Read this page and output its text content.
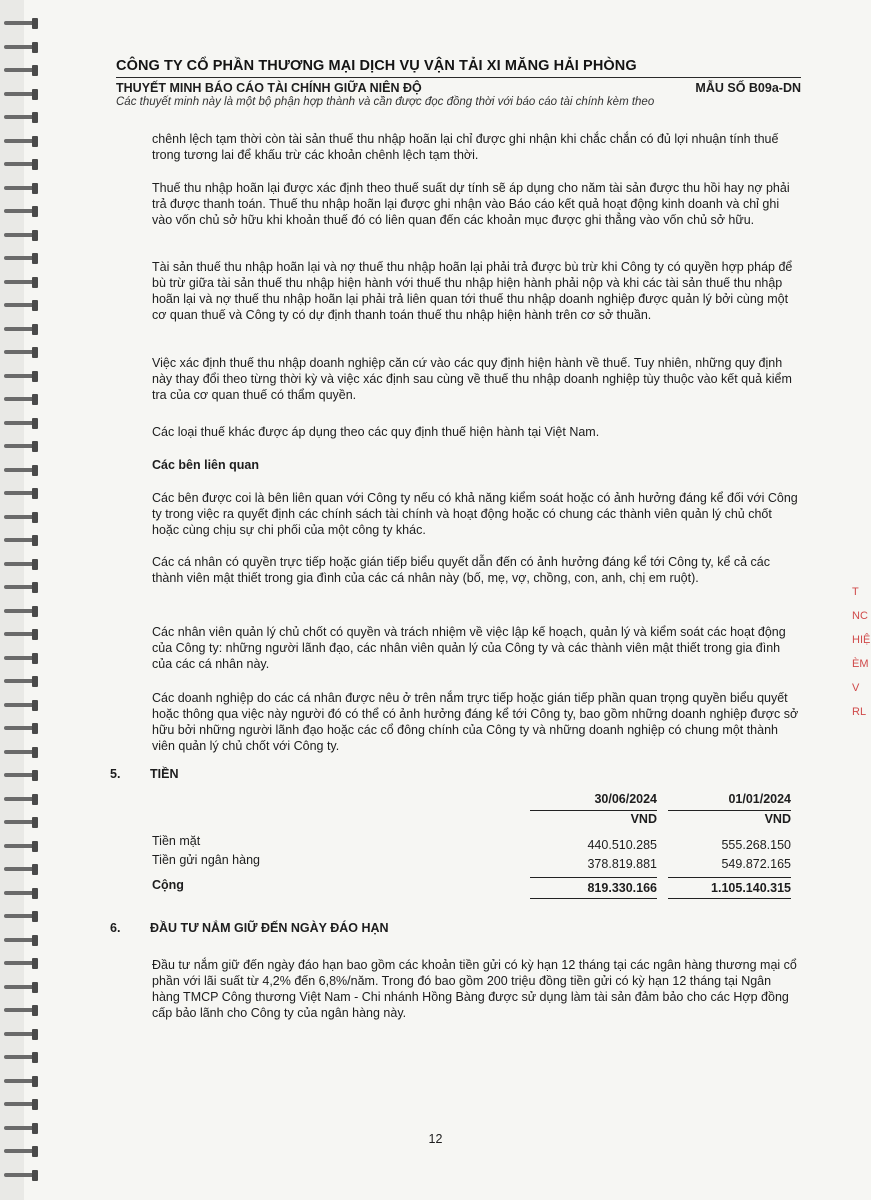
CÔNG TY CỔ PHẦN THƯƠNG MẠI DỊCH VỤ VẬN TẢI XI MĂNG HẢI PHÒNG
THUYẾT MINH BÁO CÁO TÀI CHÍNH GIỮA NIÊN ĐỘ	MẪU SỐ B09a-DN
Các thuyết minh này là một bộ phận hợp thành và cần được đọc đồng thời với báo cáo tài chính kèm theo

chênh lệch tạm thời còn tài sản thuế thu nhập hoãn lại chỉ được ghi nhận khi chắc chắn có đủ lợi nhuận tính thuế trong tương lai để khấu trừ các khoản chênh lệch tạm thời.

Thuế thu nhập hoãn lại được xác định theo thuế suất dự tính sẽ áp dụng cho năm tài sản được thu hồi hay nợ phải trả được thanh toán. Thuế thu nhập hoãn lại được ghi nhận vào Báo cáo kết quả hoạt động kinh doanh và chỉ ghi vào vốn chủ sở hữu khi khoản thuế đó có liên quan đến các khoản mục được ghi thẳng vào vốn chủ sở hữu.

Tài sản thuế thu nhập hoãn lại và nợ thuế thu nhập hoãn lại phải trả được bù trừ khi Công ty có quyền hợp pháp để bù trừ giữa tài sản thuế thu nhập hiện hành với thuế thu nhập hiện hành phải nộp và khi các tài sản thuế thu nhập hoãn lại và nợ thuế thu nhập hoãn lại phải trả liên quan tới thuế thu nhập doanh nghiệp được quản lý bởi cùng một cơ quan thuế và Công ty có dự định thanh toán thuế thu nhập hiện hành trên cơ sở thuần.

Việc xác định thuế thu nhập doanh nghiệp căn cứ vào các quy định hiện hành về thuế. Tuy nhiên, những quy định này thay đổi theo từng thời kỳ và việc xác định sau cùng về thuế thu nhập doanh nghiệp tùy thuộc vào kết quả kiểm tra của cơ quan thuế có thẩm quyền.

Các loại thuế khác được áp dụng theo các quy định thuế hiện hành tại Việt Nam.

Các bên liên quan

Các bên được coi là bên liên quan với Công ty nếu có khả năng kiểm soát hoặc có ảnh hưởng đáng kể đối với Công ty trong việc ra quyết định các chính sách tài chính và hoạt động hoặc có chung các thành viên quản lý chủ chốt hoặc cùng chịu sự chi phối của một công ty khác.

Các cá nhân có quyền trực tiếp hoặc gián tiếp biểu quyết dẫn đến có ảnh hưởng đáng kể tới Công ty, kể cả các thành viên mật thiết trong gia đình của các cá nhân này (bố, mẹ, vợ, chồng, con, anh, chị em ruột).

Các nhân viên quản lý chủ chốt có quyền và trách nhiệm về việc lập kế hoạch, quản lý và kiểm soát các hoạt động của Công ty: những người lãnh đạo, các nhân viên quản lý của Công ty và các thành viên mật thiết trong gia đình của các cá nhân này.

Các doanh nghiệp do các cá nhân được nêu ở trên nắm trực tiếp hoặc gián tiếp phần quan trọng quyền biểu quyết hoặc thông qua việc này người đó có thể có ảnh hưởng đáng kể tới Công ty, bao gồm những doanh nghiệp được sở hữu bởi những người lãnh đạo hoặc các cổ đông chính của Công ty và những doanh nghiệp có chung một thành viên quản lý chủ chốt với Công ty.

5. TIỀN
30/06/2024	01/01/2024
VND	VND
Tiền mặt	440.510.285	555.268.150
Tiền gửi ngân hàng	378.819.881	549.872.165
Cộng	819.330.166	1.105.140.315
6. ĐẦU TƯ NẮM GIỮ ĐẾN NGÀY ĐÁO HẠN

Đầu tư nắm giữ đến ngày đáo hạn bao gồm các khoản tiền gửi có kỳ hạn 12 tháng tại các ngân hàng thương mại cổ phần với lãi suất từ 4,2% đến 6,8%/năm. Trong đó bao gồm 200 triệu đồng tiền gửi có kỳ hạn 12 tháng tại Ngân hàng TMCP Công thương Việt Nam - Chi nhánh Hồng Bàng được sử dụng làm tài sản đảm bảo cho các Hợp đồng cấp bảo lãnh cho Công ty của ngân hàng này.

T
NC
HIỆ
ÈM
V
RL
12
